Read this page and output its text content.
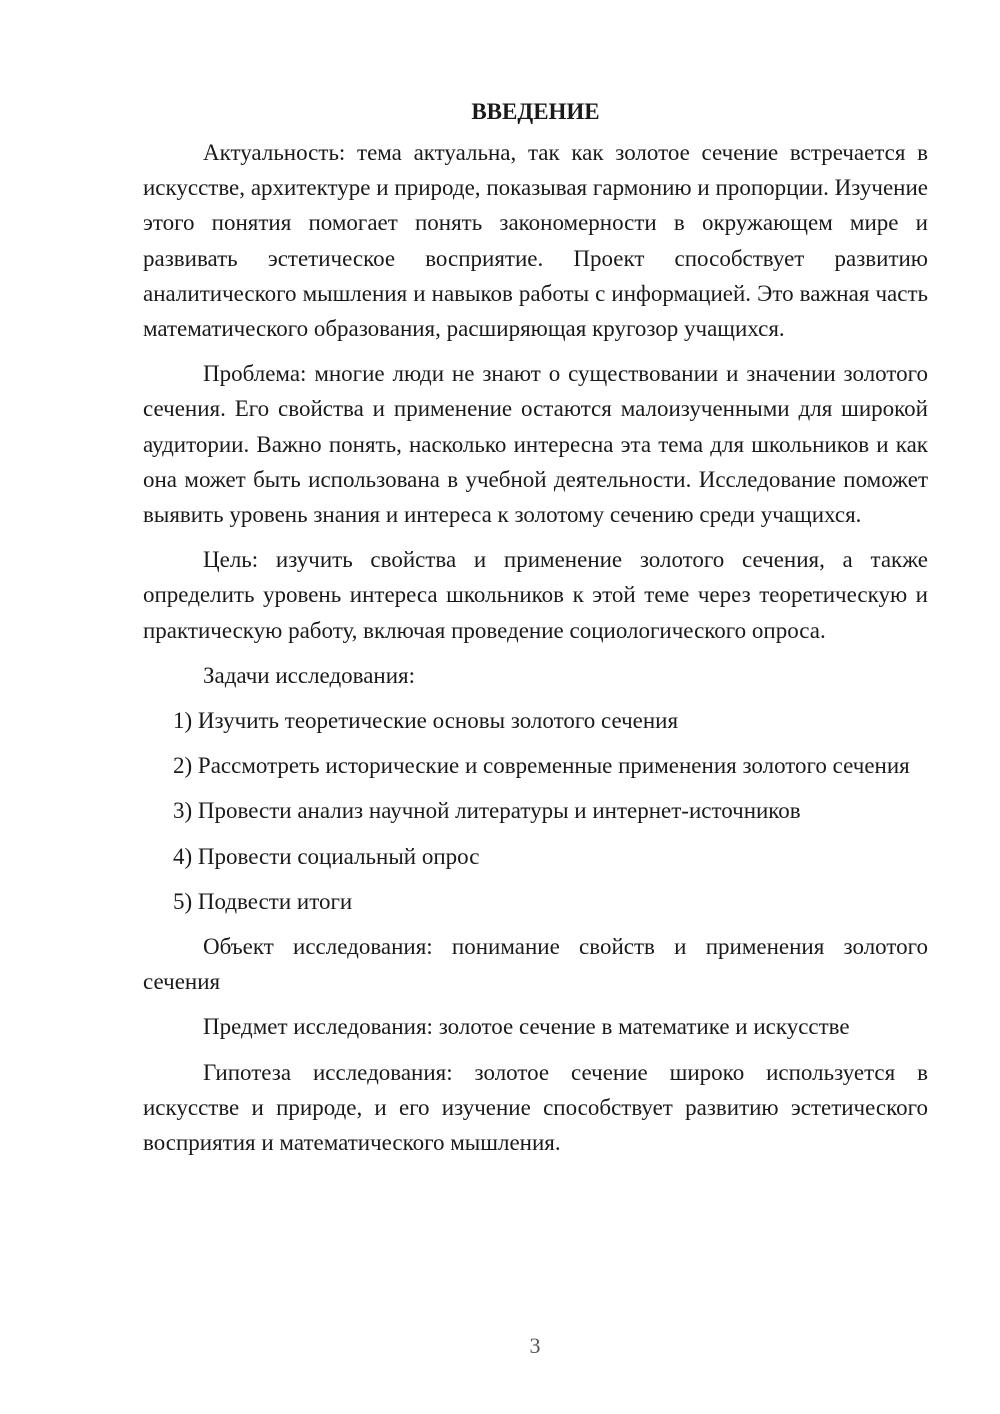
ВВЕДЕНИЕ

Актуальность: тема актуальна, так как золотое сечение встречается в искусстве, архитектуре и природе, показывая гармонию и пропорции. Изучение этого понятия помогает понять закономерности в окружающем мире и развивать эстетическое восприятие. Проект способствует развитию аналитического мышления и навыков работы с информацией. Это важная часть математического образования, расширяющая кругозор учащихся.

Проблема: многие люди не знают о существовании и значении золотого сечения. Его свойства и применение остаются малоизученными для широкой аудитории. Важно понять, насколько интересна эта тема для школьников и как она может быть использована в учебной деятельности. Исследование поможет выявить уровень знания и интереса к золотому сечению среди учащихся.

Цель: изучить свойства и применение золотого сечения, а также определить уровень интереса школьников к этой теме через теоретическую и практическую работу, включая проведение социологического опроса.

Задачи исследования:

1) Изучить теоретические основы золотого сечения

2) Рассмотреть исторические и современные применения золотого сечения

3) Провести анализ научной литературы и интернет-источников

4) Провести социальный опрос

5) Подвести итоги

Объект исследования: понимание свойств и применения золотого сечения

Предмет исследования: золотое сечение в математике и искусстве

Гипотеза исследования: золотое сечение широко используется в искусстве и природе, и его изучение способствует развитию эстетического восприятия и математического мышления.

3
